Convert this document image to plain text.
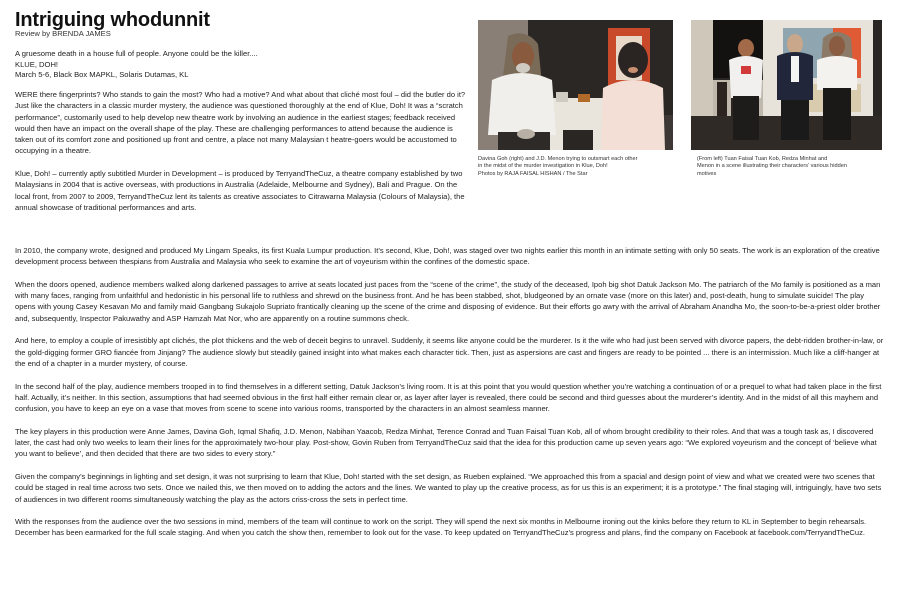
Intriguing whodunnit
Review by BRENDA JAMES
A gruesome death in a house full of people. Anyone could be the killer....
KLUE, DOH!
March 5-6, Black Box MAPKL, Solaris Dutamas, KL

WERE there fingerprints? Who stands to gain the most? Who had a motive? And what about that cliché most foul – did the butler do it? Just like the characters in a classic murder mystery, the audience was questioned thoroughly at the end of Klue, Doh! It was a “scratch performance”, customarily used to help develop new theatre work by involving an audience in the earliest stages; feedback received would then have an impact on the overall shape of the play. These are challenging performances to attend because the audience is taken out of its comfort zone and positioned up front and centre, a place not many Malaysian t heatre-goers would be accustomed to occupying in a theatre.

Klue, Doh! – currently aptly subtitled Murder in Development – is produced by TerryandTheCuz, a theatre company established by two Malaysians in 2004 that is active overseas, with productions in Australia (Adelaide, Melbourne and Sydney), Bali and Prague. On the local front, from 2007 to 2009, TerryandTheCuz lent its talents as creative associates to Citrawarna Malaysia (Colours of Malaysia), the annual showcase of traditional performances and arts.

Davina Goh (right) and J.D. Menon trying to outsmart each other
in the midst of the murder investigation in Klue, Doh!
Photos by RAJA FAISAL HISHAN / The Star
(From left) Tuan Faisal Tuan Kob, Redza Minhat and
Menon in a scene illustrating their characters’ various hidden
motives

In 2010, the company wrote, designed and produced My Lingam Speaks, its first Kuala Lumpur production. It’s second, Klue, Doh!, was staged over two nights earlier this month in an intimate setting with only 50 seats. The work is an exploration of the creative development process between thespians from Australia and Malaysia who seek to examine the art of voyeurism within the confines of the domestic space.

When the doors opened, audience members walked along darkened passages to arrive at seats located just paces from the “scene of the crime”, the study of the deceased, Ipoh big shot Datuk Jackson Mo. The patriarch of the Mo family is positioned as a man with many faces, ranging from unfaithful and hedonistic in his personal life to ruthless and shrewd on the business front. And he has been stabbed, shot, bludgeoned by an ornate vase (more on this later) and, post-death, hung to simulate suicide! The play opens with young Casey Kesavan Mo and family maid Gangbang Sukajolo Supriato frantically cleaning up the scene of the crime and disposing of evidence. But their efforts go awry with the arrival of Abraham Anandha Mo, the soon-to-be-a-priest older brother and, subsequently, Inspector Pakuwathy and ASP Hamzah Mat Nor, who are apparently on a routine summons check.

And here, to employ a couple of irresistibly apt clichés, the plot thickens and the web of deceit begins to unravel. Suddenly, it seems like anyone could be the murderer. Is it the wife who had just been served with divorce papers, the debt-ridden brother-in-law, or the gold-digging former GRO fiancée from Jinjang? The audience slowly but steadily gained insight into what makes each character tick. Then, just as aspersions are cast and fingers are ready to be pointed ... there is an intermission. Much like a cliff-hanger at the end of a chapter in a murder mystery, of course.

In the second half of the play, audience members trooped in to find themselves in a different setting, Datuk Jackson’s living room. It is at this point that you would question whether you’re watching a continuation of or a prequel to what had taken place in the first half. Actually, it’s neither. In this section, assumptions that had seemed obvious in the first half either remain clear or, as layer after layer is revealed, there could be second and third guesses about the murderer’s identity. And in the midst of all this mayhem and confusion, you have to keep an eye on a vase that moves from scene to scene into various rooms, transported by the characters in an almost seamless manner.

The key players in this production were Anne James, Davina Goh, Iqmal Shafiq, J.D. Menon, Nabihan Yaacob, Redza Minhat, Terence Conrad and Tuan Faisal Tuan Kob, all of whom brought credibility to their roles. And that was a tough task as, I discovered later, the cast had only two weeks to learn their lines for the approximately two-hour play. Post-show, Govin Ruben from TerryandTheCuz said that the idea for this production came up seven years ago: “We explored voyeurism and the concept of ‘believe what you want to believe’, and then decided that there are two sides to every story.”

Given the company’s beginnings in lighting and set design, it was not surprising to learn that Klue, Doh! started with the set design, as Rueben explained. “We approached this from a spacial and design point of view and what we created were two scenes that could be staged in real time across two sets. Once we nailed this, we then moved on to adding the actors and the lines. We wanted to play up the creative process, as for us this is an experiment; it is a prototype.” The final staging will, intriguingly, have two sets of audiences in two different rooms simultaneously watching the play as the actors criss-cross the sets in perfect time.

With the responses from the audience over the two sessions in mind, members of the team will continue to work on the script. They will spend the next six months in Melbourne ironing out the kinks before they return to KL in September to begin rehearsals. December has been earmarked for the full scale staging. And when you catch the show then, remember to look out for the vase. To keep updated on TerryandTheCuz’s progress and plans, find the company on Facebook at facebook.com/TerryandTheCuz.
